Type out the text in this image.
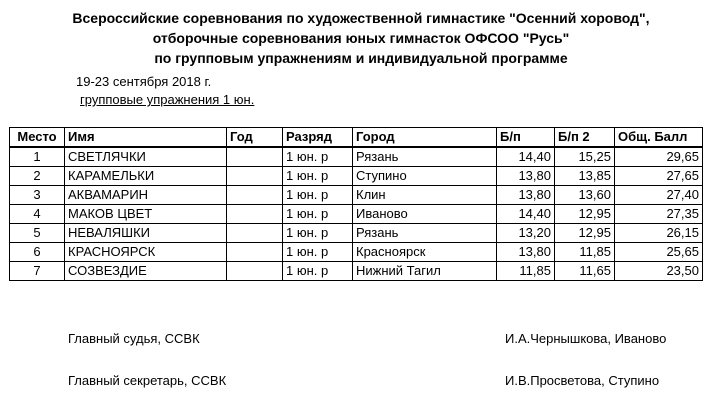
Всероссийские соревнования по художественной гимнастике "Осенний хоровод",
отборочные соревнования юных гимнасток ОФСОО "Русь"
по групповым упражнениям и индивидуальной программе
19-23 сентября 2018 г.
групповые упражнения 1 юн.
Место	Имя	Год	Разряд	Город	Б/п	Б/п 2	Общ. Балл
1	СВЕТЛЯЧКИ		1 юн. р	Рязань	14,40	15,25	29,65
2	КАРАМЕЛЬКИ		1 юн. р	Ступино	13,80	13,85	27,65
3	АКВАМАРИН		1 юн. р	Клин	13,80	13,60	27,40
4	МАКОВ ЦВЕТ		1 юн. р	Иваново	14,40	12,95	27,35
5	НЕВАЛЯШКИ		1 юн. р	Рязань	13,20	12,95	26,15
6	КРАСНОЯРСК		1 юн. р	Красноярск	13,80	11,85	25,65
7	СОЗВЕЗДИЕ		1 юн. р	Нижний Тагил	11,85	11,65	23,50
Главный судья, ССВК	И.А.Чернышкова, Иваново
Главный секретарь, ССВК	И.В.Просветова, Ступино
